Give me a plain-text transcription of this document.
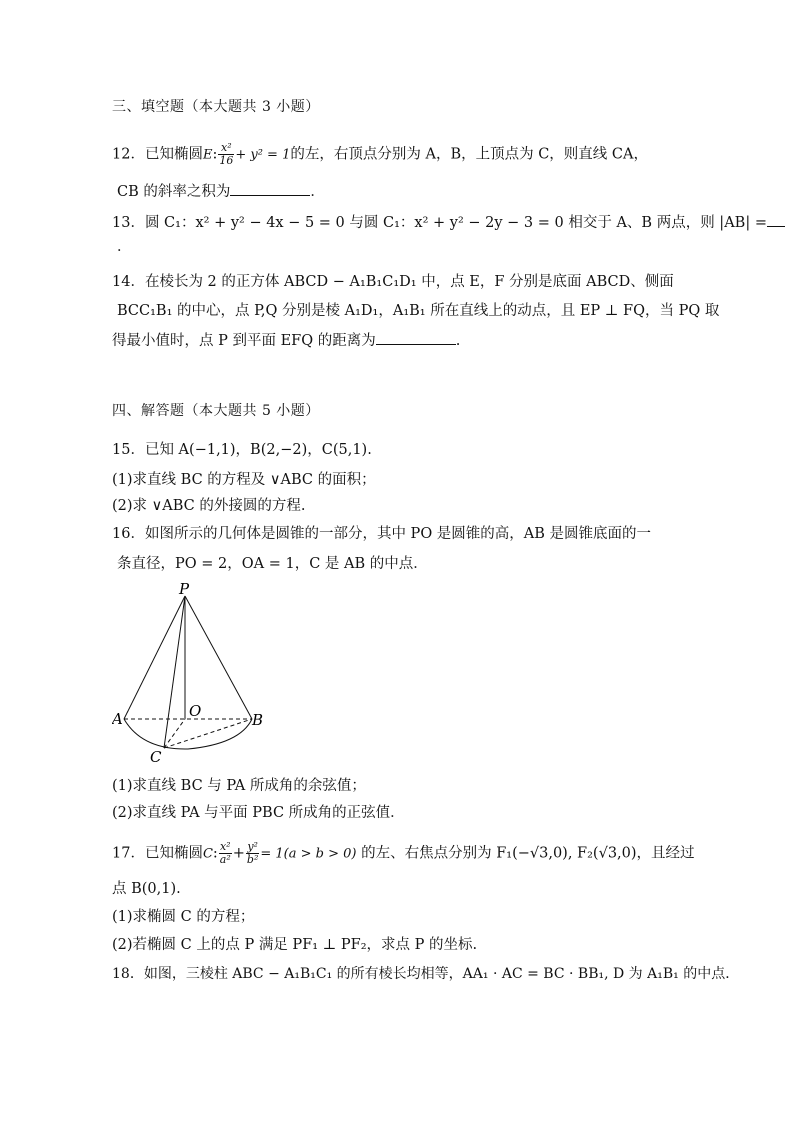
三、填空题（本大题共 3 小题）
12．已知椭圆E: $\frac{\text{x²}}{16} + y^2 = 1$的左，右顶点分别为 A，B，上顶点为 C，则直线 CA，
CB 的斜率之积为	．
13．圆 C₁：x² + y² − 4x − 5 = 0 与圆 C₁：x² + y² − 2y − 3 = 0 相交于 A、B 两点，则 |AB| =
．
14．在棱长为 2 的正方体 ABCD − A₁B₁C₁D₁ 中，点 E，F 分别是底面 ABCD、侧面
BCC₁B₁ 的中心，点 P,Q 分别是棱 A₁D₁，A₁B₁ 所在直线上的动点，且 EP ⊥ FQ，当 PQ 取
得最小值时，点 P 到平面 EFQ 的距离为	.
四、解答题（本大题共 5 小题）
15．已知 A(−1,1)，B(2,−2)，C(5,1).
(1)求直线 BC 的方程及 ∨ABC 的面积；
(2)求 ∨ABC 的外接圆的方程.
16．如图所示的几何体是圆锥的一部分，其中 PO 是圆锥的高，AB 是圆锥底面的一
条直径，PO = 2，OA = 1，C 是 AB 的中点．
P
O
A	B
C
(1)求直线 BC 与 PA 所成角的余弦值；
(2)求直线 PA 与平面 PBC 所成角的正弦值．
17．已知椭圆C: $\frac{\text{x²}}{\text{a²}} + \frac{\text{y²}}{\text{b²}} = 1(a > b > 0)$ 的左、右焦点分别为 F₁(−√3,0), F₂(√3,0)，且经过
点 B(0,1).
(1)求椭圆 C 的方程；
(2)若椭圆 C 上的点 P 满足 PF₁ ⊥ PF₂，求点 P 的坐标.
18．如图，三棱柱 ABC − A₁B₁C₁ 的所有棱长均相等，AA₁ · AC = BC · BB₁, D 为 A₁B₁ 的中点．
